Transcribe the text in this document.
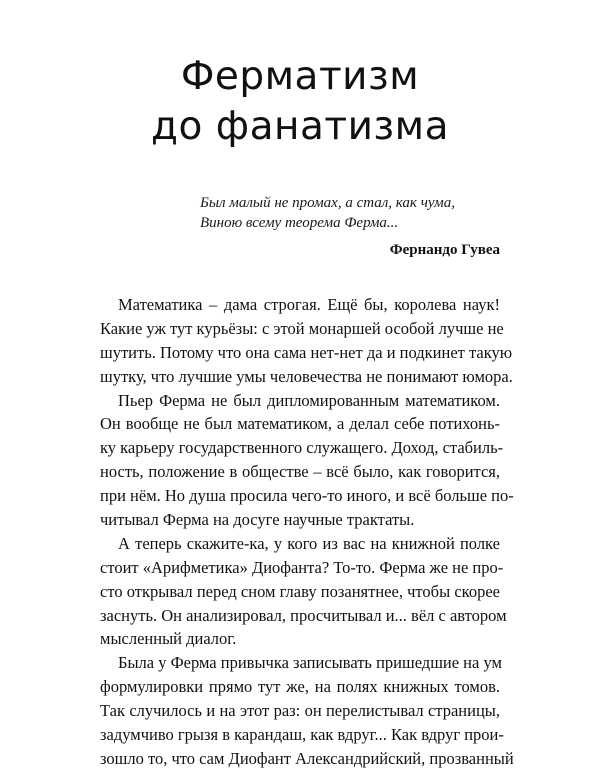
Ферматизм
до фанатизма
Был малый не промах, а стал, как чума,
Виною всему теорема Ферма...
Фернандо Гувеа
Математика – дама строгая. Ещё бы, королева наук!
Какие уж тут курьёзы: с этой монаршей особой лучше не
шутить. Потому что она сама нет-нет да и подкинет такую
шутку, что лучшие умы человечества не понимают юмора.
Пьер Ферма не был дипломированным математиком.
Он вообще не был математиком, а делал себе потихонь-
ку карьеру государственного служащего. Доход, стабиль-
ность, положение в обществе – всё было, как говорится,
при нём. Но душа просила чего-то иного, и всё больше по-
читывал Ферма на досуге научные трактаты.
А теперь скажите-ка, у кого из вас на книжной полке
стоит «Арифметика» Диофанта? То-то. Ферма же не про-
сто открывал перед сном главу позанятнее, чтобы скорее
заснуть. Он анализировал, просчитывал и... вёл с автором
мысленный диалог.
Была у Ферма привычка записывать пришедшие на ум
формулировки прямо тут же, на полях книжных томов.
Так случилось и на этот раз: он перелистывал страницы,
задумчиво грызя в карандаш, как вдруг... Как вдруг прои-
зошло то, что сам Диофант Александрийский, прозванный
